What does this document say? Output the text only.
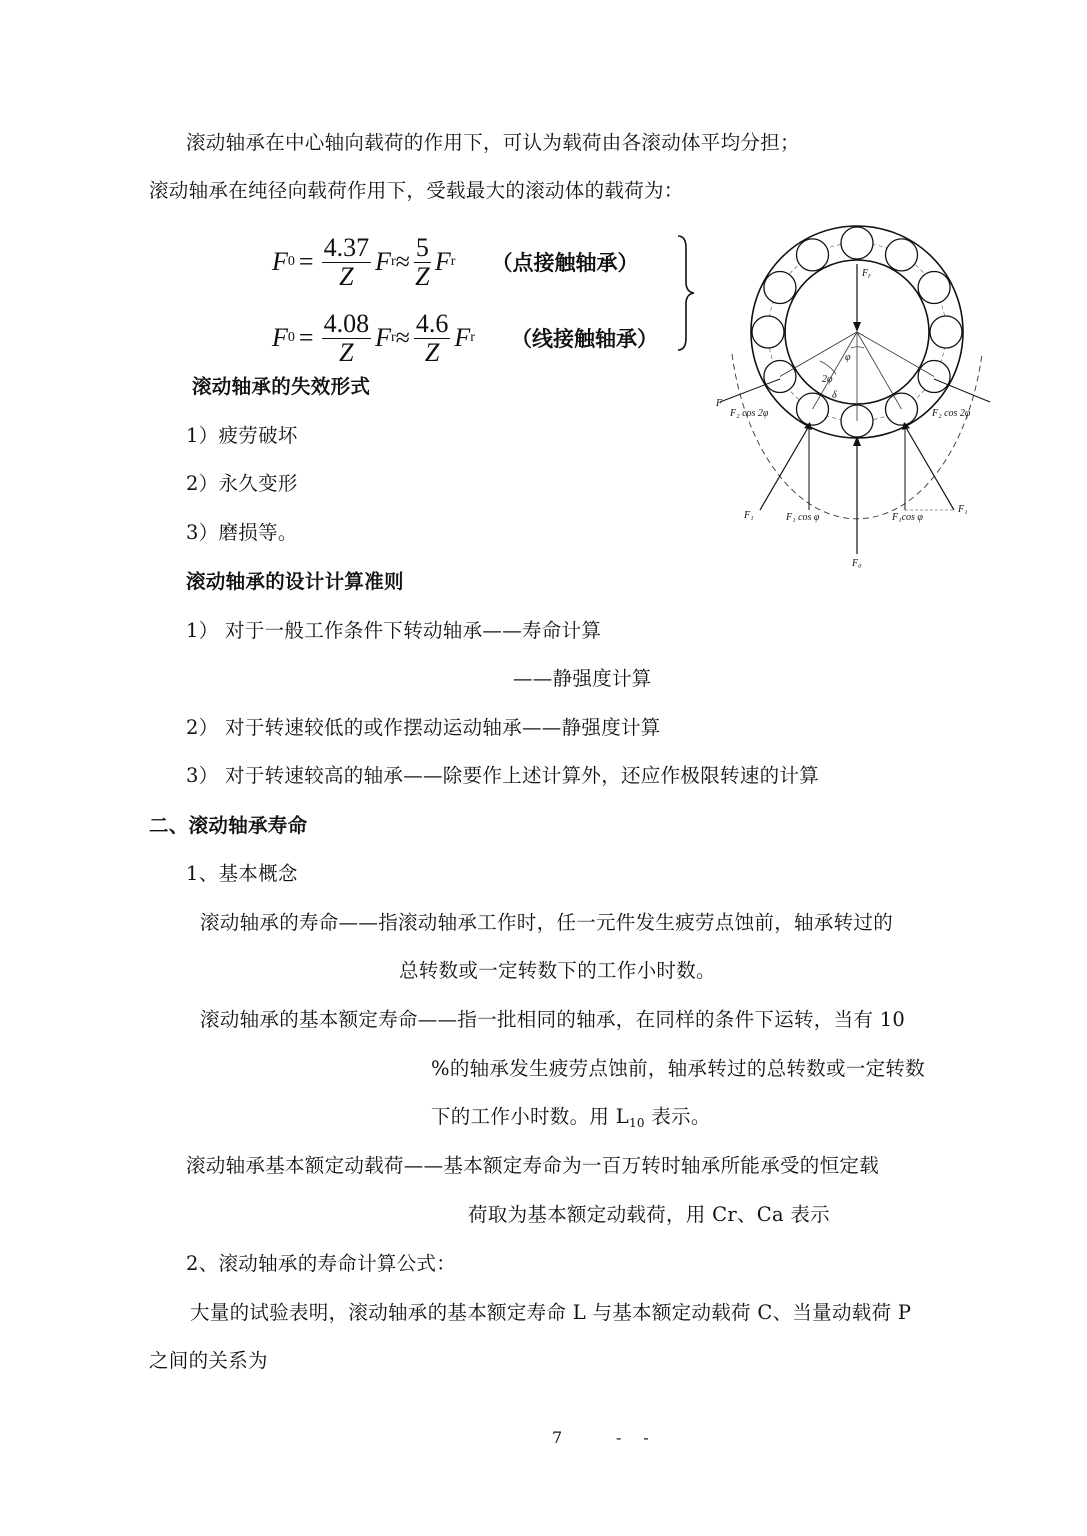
滚动轴承在中心轴向载荷的作用下，可认为载荷由各滚动体平均分担；
滚动轴承在纯径向载荷作用下，受载最大的滚动体的载荷为：
F $0 = \frac{4.37}{Z}$ F $r \approx \frac{5}{Z}$ F r （点接触轴承）
F $0 = \frac{4.08}{Z}$ F $r \approx \frac{4.6}{Z}$ F r （线接触轴承）
滚动轴承的失效形式
1）疲劳破坏
2）永久变形
3）磨损等。
滚动轴承的设计计算准则
1） 对于一般工作条件下转动轴承——寿命计算
——静强度计算
2） 对于转速较低的或作摆动运动轴承——静强度计算
3） 对于转速较高的轴承——除要作上述计算外，还应作极限转速的计算
二、滚动轴承寿命
1、基本概念
滚动轴承的寿命——指滚动轴承工作时，任一元件发生疲劳点蚀前，轴承转过的
总转数或一定转数下的工作小时数。
滚动轴承的基本额定寿命——指一批相同的轴承，在同样的条件下运转，当有 10
%的轴承发生疲劳点蚀前，轴承转过的总转数或一定转数
下的工作小时数。用 $L_{10}$ 表示。
滚动轴承基本额定动载荷——基本额定寿命为一百万转时轴承所能承受的恒定载
荷取为基本额定动载荷，用 Cr、Ca 表示
2、滚动轴承的寿命计算公式：
大量的试验表明，滚动轴承的基本额定寿命 L 与基本额定动载荷 C、当量动载荷 P
之间的关系为
7	-    -
$F_r$
φ
2φ
δ
F
F₂ cos 2φ	F₂ cos 2φ
F₁	F₁ cos φ	F₁cos φ
F₁
F₀
